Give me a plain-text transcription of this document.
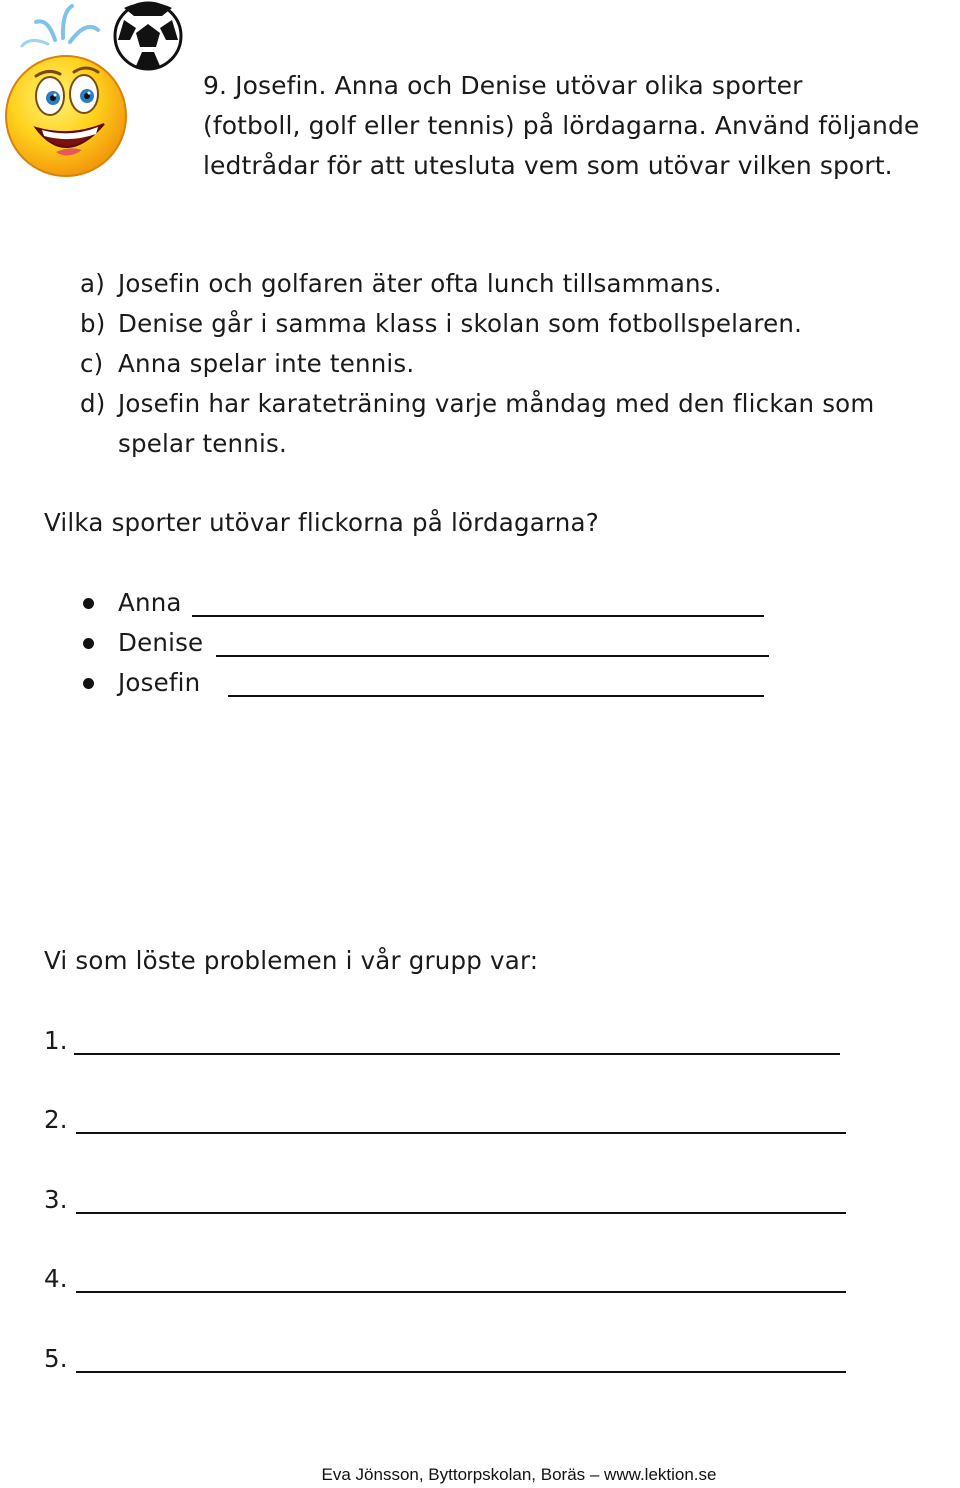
9. Josefin. Anna och Denise utövar olika sporter
(fotboll, golf eller tennis) på lördagarna. Använd följande
ledtrådar för att utesluta vem som utövar vilken sport.
a) Josefin och golfaren äter ofta lunch tillsammans.
b) Denise går i samma klass i skolan som fotbollspelaren.
c) Anna spelar inte tennis.
d) Josefin har karateträning varje måndag med den flickan som
spelar tennis.
Vilka sporter utövar flickorna på lördagarna?
Anna
Denise
Josefin
Vi som löste problemen i vår grupp var:
1.
2.
3.
4.
5.
Eva Jönsson, Byttorpskolan, Boräs – www.lektion.se
